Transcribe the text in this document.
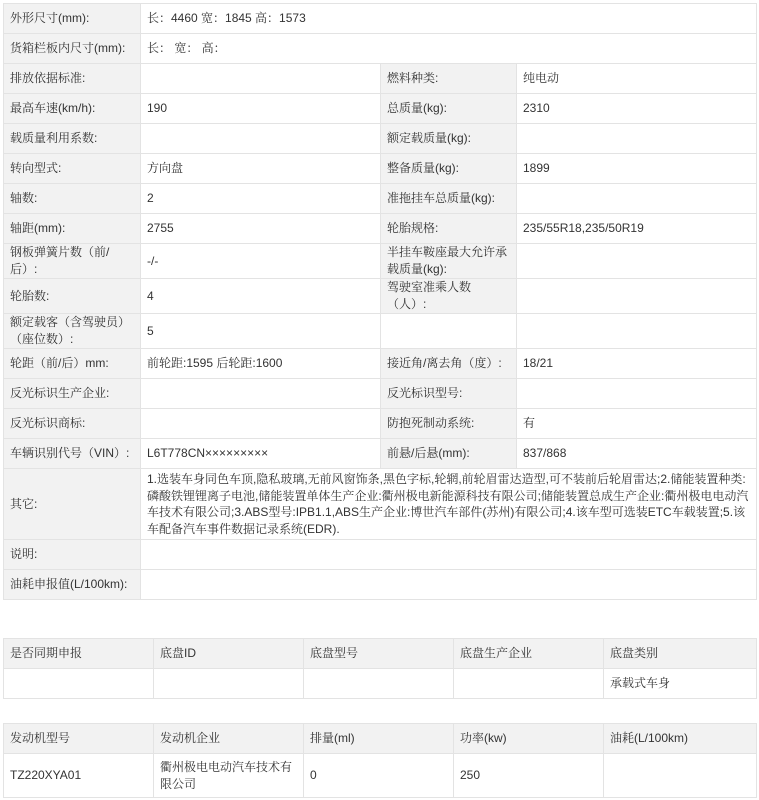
外形尺寸(mm):	长：4460 宽：1845 高：1573		
货箱栏板内尺寸(mm):	长： 宽： 高：		
排放依据标准:		燃料种类:	纯电动
最高车速(km/h):	190	总质量(kg):	2310
载质量利用系数:		额定载质量(kg):	
转向型式:	方向盘	整备质量(kg):	1899
轴数:	2	准拖挂车总质量(kg):	
轴距(mm):	2755	轮胎规格:	235/55R18,235/50R19
钢板弹簧片数（前/后）:	-/-	半挂车鞍座最大允许承载质量(kg):	
轮胎数:	4	驾驶室准乘人数（人）:	
额定载客（含驾驶员）（座位数）:	5		
轮距（前/后）mm:	前轮距:1595 后轮距:1600	接近角/离去角（度）:	18/21
反光标识生产企业:		反光标识型号:	
反光标识商标:		防抱死制动系统:	有
车辆识别代号（VIN）:	L6T778CN×××××××××	前悬/后悬(mm):	837/868
其它:	1.选装车身同色车顶,隐私玻璃,无前风窗饰条,黑色字标,轮辋,前轮眉雷达造型,可不装前后轮眉雷达;2.储能装置种类:磷酸铁锂锂离子电池,储能装置单体生产企业:衢州极电新能源科技有限公司;储能装置总成生产企业:衢州极电电动汽车技术有限公司;3.ABS型号:IPB1.1,ABS生产企业:博世汽车部件(苏州)有限公司;4.该车型可选装ETC车载装置;5.该车配备汽车事件数据记录系统(EDR).		
说明:			
油耗申报值(L/100km):			
是否同期申报	底盘ID	底盘型号	底盘生产企业	底盘类别
				承载式车身
发动机型号	发动机企业	排量(ml)	功率(kw)	油耗(L/100km)
TZ220XYA01	衢州极电电动汽车技术有限公司	0	250	
